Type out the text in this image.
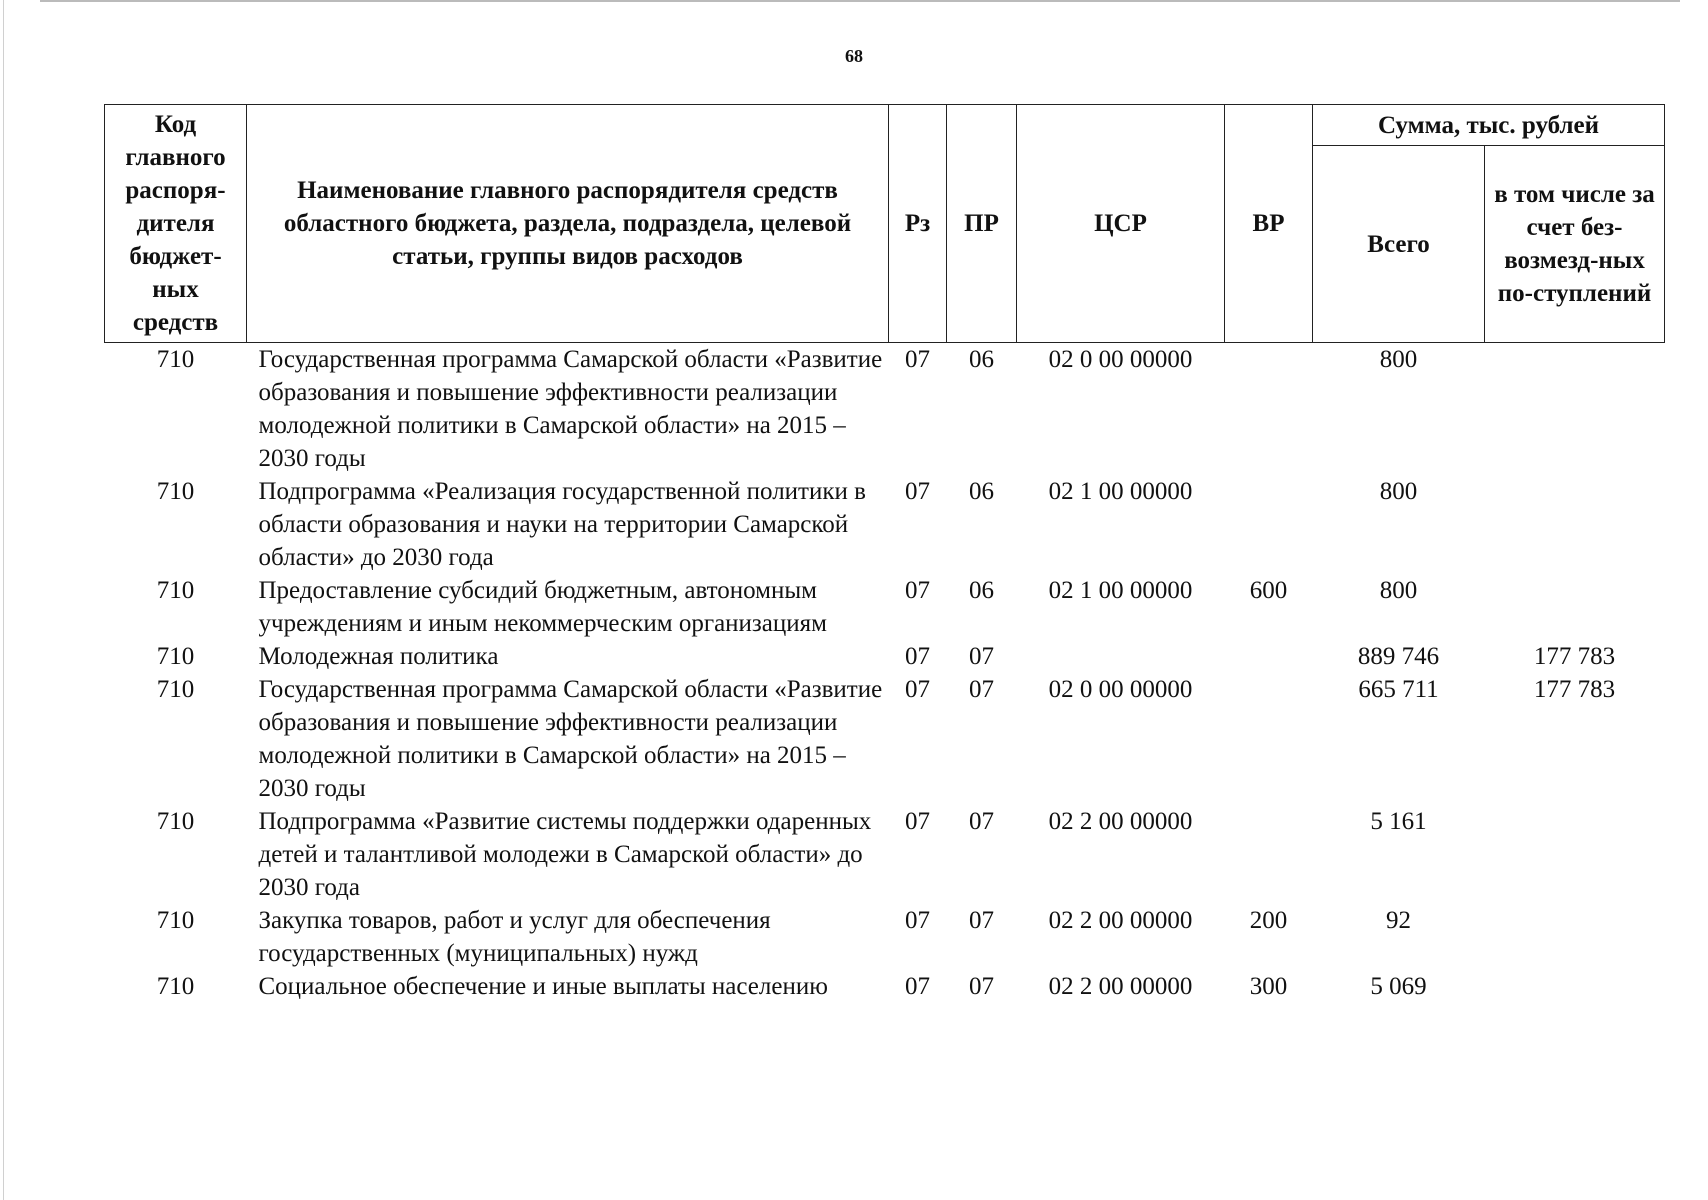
68
Код главного распоря-дителя бюджет-ных средств	Наименование главного распорядителя средств областного бюджета, раздела, подраздела, целевой статьи, группы видов расходов	Рз	ПР	ЦСР	ВР	Сумма, тыс. рублей	
						Всего	в том числе за счет без-возмезд-ных по-ступлений
710	Государственная программа Самарской области «Развитие образования и повышение эффективности реализации молодежной политики в Самарской области» на 2015 – 2030 годы	07	06	02 0 00 00000		800	
710	Подпрограмма «Реализация государственной политики в области образования и науки на территории Самарской области» до 2030 года	07	06	02 1 00 00000		800	
710	Предоставление субсидий бюджетным, автономным учреждениям и иным некоммерческим организациям	07	06	02 1 00 00000	600	800	
710	Молодежная политика	07	07			889 746	177 783
710	Государственная программа Самарской области «Развитие образования и повышение эффективности реализации молодежной политики в Самарской области» на 2015 – 2030 годы	07	07	02 0 00 00000		665 711	177 783
710	Подпрограмма «Развитие системы поддержки одаренных детей и талантливой молодежи в Самарской области» до 2030 года	07	07	02 2 00 00000		5 161	
710	Закупка товаров, работ и услуг для обеспечения государственных (муниципальных) нужд	07	07	02 2 00 00000	200	92	
710	Социальное обеспечение и иные выплаты населению	07	07	02 2 00 00000	300	5 069	
